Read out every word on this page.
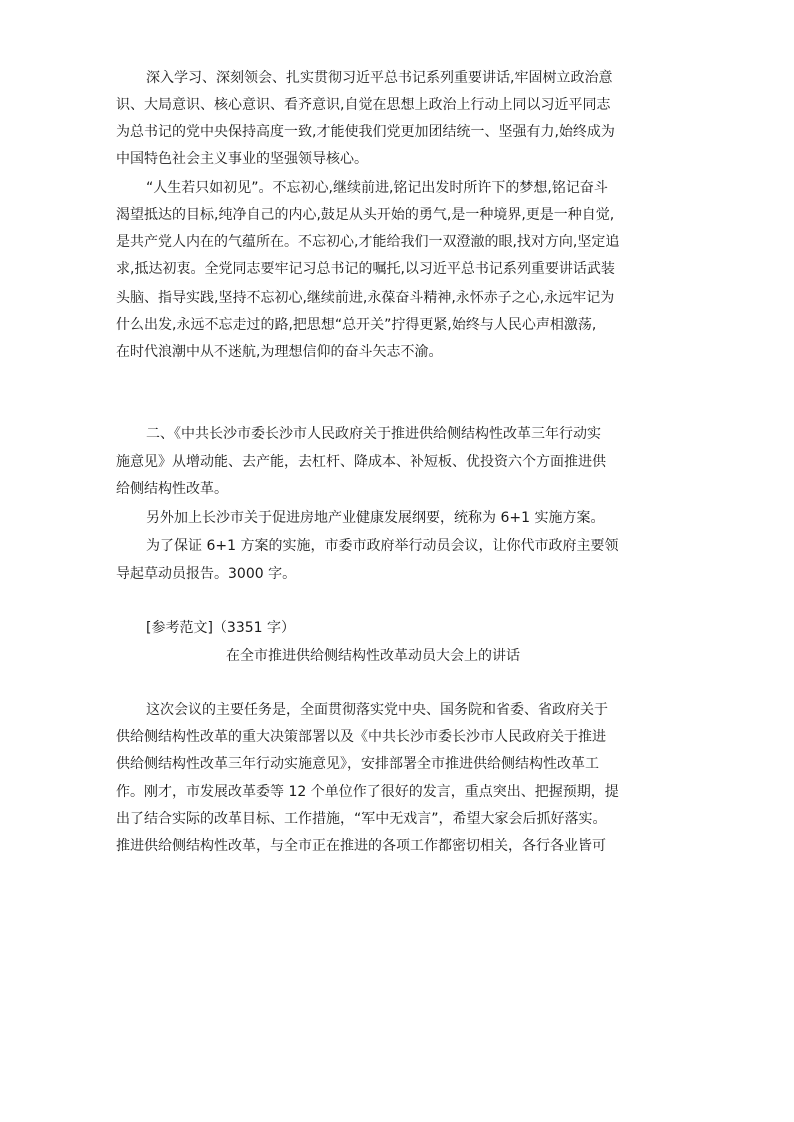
深入学习、深刻领会、扎实贯彻习近平总书记系列重要讲话,牢固树立政治意
识、大局意识、核心意识、看齐意识,自觉在思想上政治上行动上同以习近平同志
为总书记的党中央保持高度一致,才能使我们党更加团结统一、坚强有力,始终成为
中国特色社会主义事业的坚强领导核心。
“人生若只如初见”。不忘初心,继续前进,铭记出发时所许下的梦想,铭记奋斗
渴望抵达的目标,纯净自己的内心,鼓足从头开始的勇气,是一种境界,更是一种自觉,
是共产党人内在的气蕴所在。不忘初心,才能给我们一双澄澈的眼,找对方向,坚定追
求,抵达初衷。全党同志要牢记习总书记的嘱托,以习近平总书记系列重要讲话武装
头脑、指导实践,坚持不忘初心,继续前进,永葆奋斗精神,永怀赤子之心,永远牢记为
什么出发,永远不忘走过的路,把思想“总开关”拧得更紧,始终与人民心声相激荡,
在时代浪潮中从不迷航,为理想信仰的奋斗矢志不渝。
二、《中共长沙市委长沙市人民政府关于推进供给侧结构性改革三年行动实
施意见》从增动能、去产能，去杠杆、降成本、补短板、优投资六个方面推进供
给侧结构性改革。
另外加上长沙市关于促进房地产业健康发展纲要，统称为 6+1 实施方案。
为了保证 6+1 方案的实施，市委市政府举行动员会议，让你代市政府主要领
导起草动员报告。3000 字。
[参考范文]（3351 字）
在全市推进供给侧结构性改革动员大会上的讲话
这次会议的主要任务是，全面贯彻落实党中央、国务院和省委、省政府关于
供给侧结构性改革的重大决策部署以及《中共长沙市委长沙市人民政府关于推进
供给侧结构性改革三年行动实施意见》，安排部署全市推进供给侧结构性改革工
作。刚才，市发展改革委等 12 个单位作了很好的发言，重点突出、把握预期，提
出了结合实际的改革目标、工作措施，“军中无戏言”，希望大家会后抓好落实。
推进供给侧结构性改革，与全市正在推进的各项工作都密切相关，各行各业皆可
